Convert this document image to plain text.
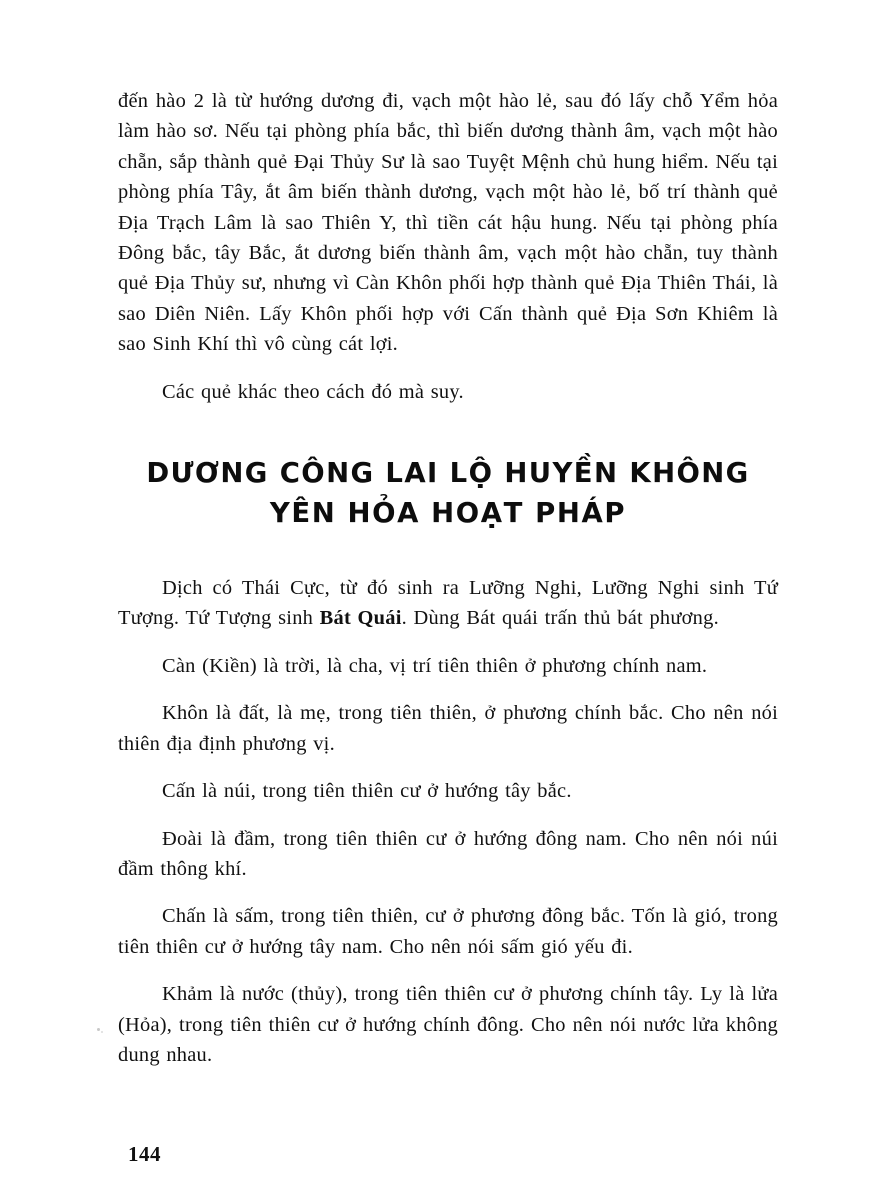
đến hào 2 là từ hướng dương đi, vạch một hào lẻ, sau đó lấy chỗ Yểm hỏa làm hào sơ. Nếu tại phòng phía bắc, thì biến dương thành âm, vạch một hào chẵn, sắp thành quẻ Đại Thủy Sư là sao Tuyệt Mệnh chủ hung hiểm. Nếu tại phòng phía Tây, ắt âm biến thành dương, vạch một hào lẻ, bố trí thành quẻ Địa Trạch Lâm là sao Thiên Y, thì tiền cát hậu hung. Nếu tại phòng phía Đông bắc, tây Bắc, ắt dương biến thành âm, vạch một hào chẵn, tuy thành quẻ Địa Thủy sư, nhưng vì Càn Khôn phối hợp thành quẻ Địa Thiên Thái, là sao Diên Niên. Lấy Khôn phối hợp với Cấn thành quẻ Địa Sơn Khiêm là sao Sinh Khí thì vô cùng cát lợi.

Các quẻ khác theo cách đó mà suy.

DƯƠNG CÔNG LAI LỘ HUYỀN KHÔNG
YÊN HỎA HOẠT PHÁP

Dịch có Thái Cực, từ đó sinh ra Lưỡng Nghi, Lưỡng Nghi sinh Tứ Tượng. Tứ Tượng sinh Bát Quái. Dùng Bát quái trấn thủ bát phương.

Càn (Kiền) là trời, là cha, vị trí tiên thiên ở phương chính nam.

Khôn là đất, là mẹ, trong tiên thiên, ở phương chính bắc. Cho nên nói thiên địa định phương vị.

Cấn là núi, trong tiên thiên cư ở hướng tây bắc.

Đoài là đầm, trong tiên thiên cư ở hướng đông nam. Cho nên nói núi đầm thông khí.

Chấn là sấm, trong tiên thiên, cư ở phương đông bắc. Tốn là gió, trong tiên thiên cư ở hướng tây nam. Cho nên nói sấm gió yếu đi.

Khảm là nước (thủy), trong tiên thiên cư ở phương chính tây. Ly là lửa (Hỏa), trong tiên thiên cư ở hướng chính đông. Cho nên nói nước lửa không dung nhau.

144
